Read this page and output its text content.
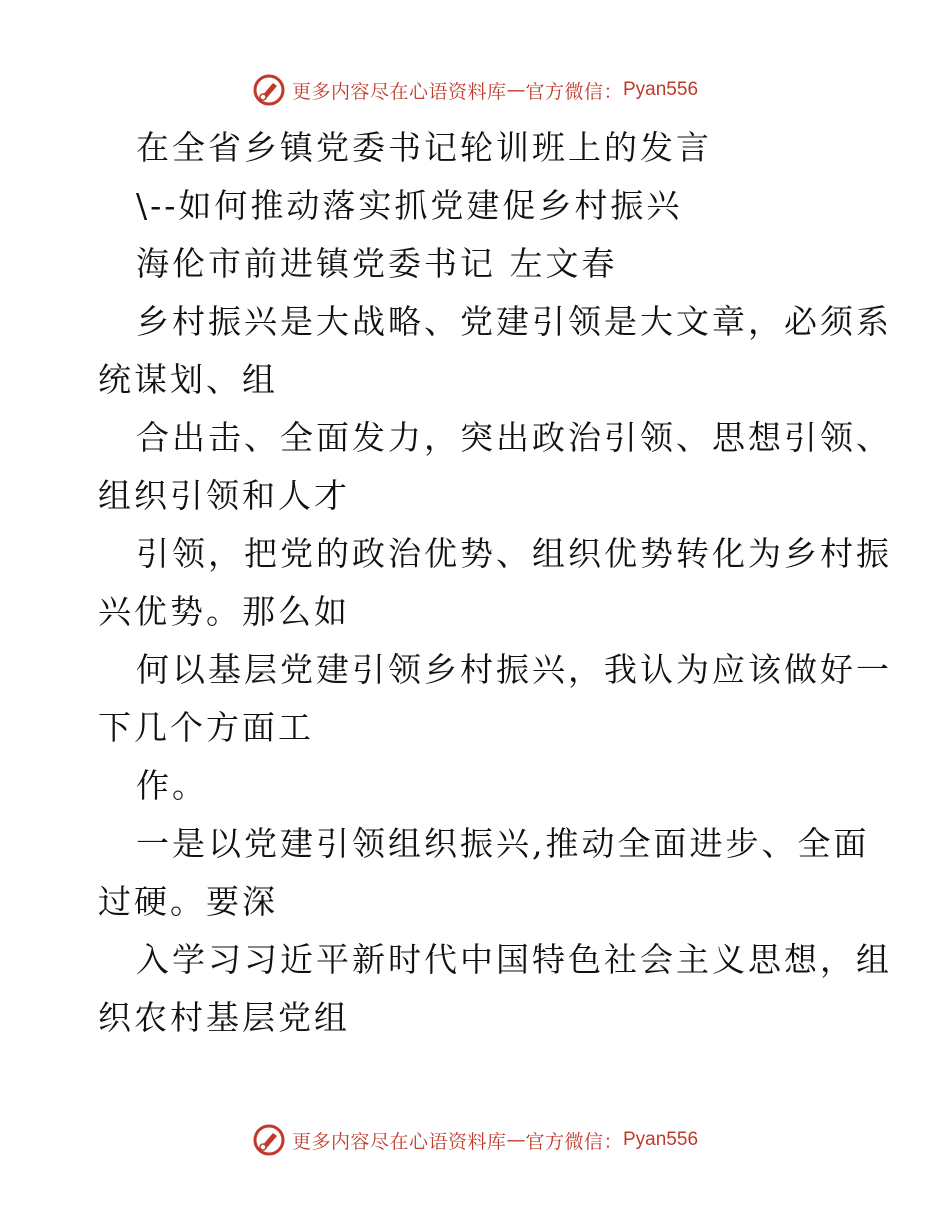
更多内容尽在心语资料库 — 官方微信： Pyan556
在全省乡镇党委书记轮训班上的发言
\--如何推动落实抓党建促乡村振兴
海伦市前进镇党委书记 左文春
乡村振兴是大战略、党建引领是大文章，必须系
统谋划、组
合出击、全面发力，突出政治引领、思想引领、
组织引领和人才
引领，把党的政治优势、组织优势转化为乡村振
兴优势。那么如
何以基层党建引领乡村振兴，我认为应该做好一
下几个方面工
作。
一是以党建引领组织振兴,推动全面进步、全面
过硬。要深
入学习习近平新时代中国特色社会主义思想，组
织农村基层党组
更多内容尽在心语资料库 — 官方微信： Pyan556
